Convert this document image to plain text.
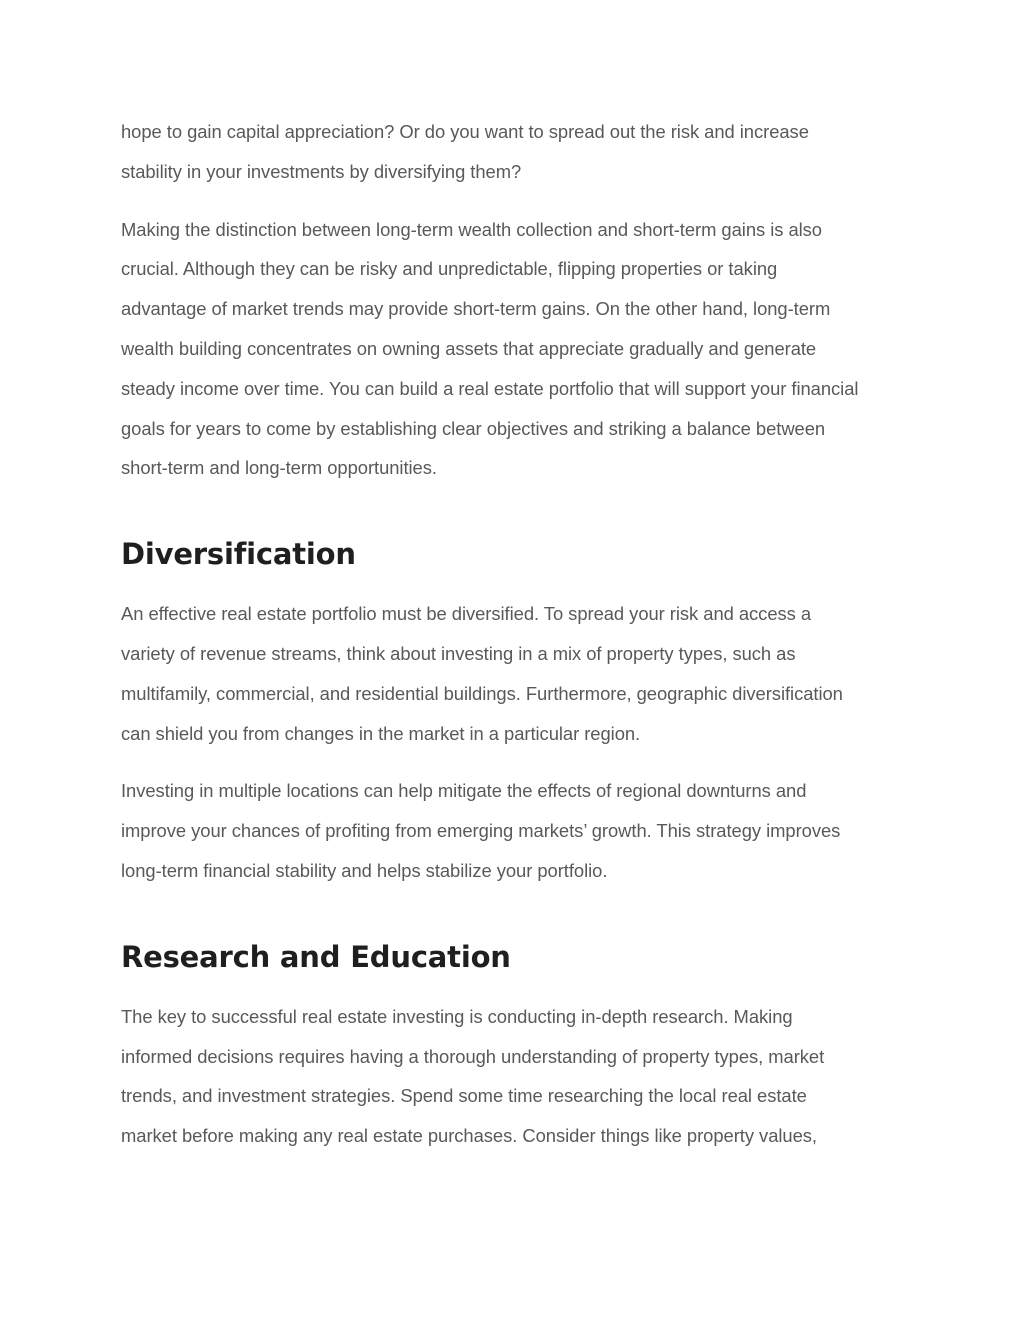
hope to gain capital appreciation? Or do you want to spread out the risk and increase
stability in your investments by diversifying them?

Making the distinction between long-term wealth collection and short-term gains is also
crucial. Although they can be risky and unpredictable, flipping properties or taking
advantage of market trends may provide short-term gains. On the other hand, long-term
wealth building concentrates on owning assets that appreciate gradually and generate
steady income over time. You can build a real estate portfolio that will support your financial
goals for years to come by establishing clear objectives and striking a balance between
short-term and long-term opportunities.

Diversification

An effective real estate portfolio must be diversified. To spread your risk and access a
variety of revenue streams, think about investing in a mix of property types, such as
multifamily, commercial, and residential buildings. Furthermore, geographic diversification
can shield you from changes in the market in a particular region.

Investing in multiple locations can help mitigate the effects of regional downturns and
improve your chances of profiting from emerging markets’ growth. This strategy improves
long-term financial stability and helps stabilize your portfolio.

Research and Education

The key to successful real estate investing is conducting in-depth research. Making
informed decisions requires having a thorough understanding of property types, market
trends, and investment strategies. Spend some time researching the local real estate
market before making any real estate purchases. Consider things like property values,
